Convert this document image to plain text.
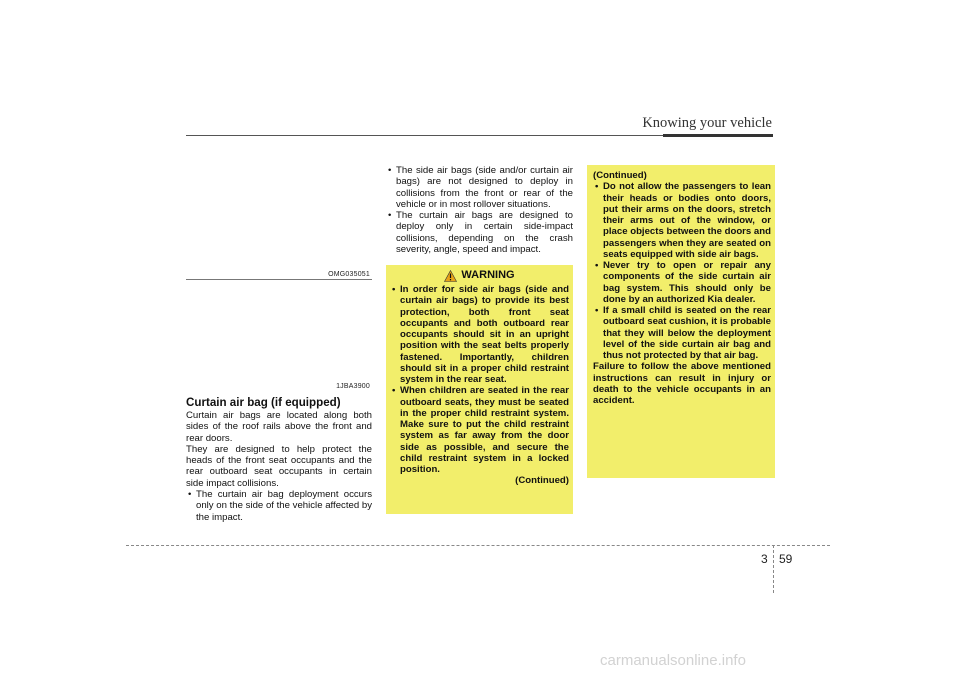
Knowing your vehicle
OMG035051
1JBA3900
Curtain air bag (if equipped)

Curtain air bags are located along both sides of the roof rails above the front and rear doors.

They are designed to help protect the heads of the front seat occupants and the rear outboard seat occupants in certain side impact collisions.

• The curtain air bag deployment occurs only on the side of the vehicle affected by the impact.
• The side air bags (side and/or curtain air bags) are not designed to deploy in collisions from the front or rear of the vehicle or in most rollover situations.
• The curtain air bags are designed to deploy only in certain side-impact collisions, depending on the crash severity, angle, speed and impact.
WARNING
• In order for side air bags (side and curtain air bags) to provide its best protection, both front seat occupants and both outboard rear occupants should sit in an upright position with the seat belts properly fastened. Importantly, children should sit in a proper child restraint system in the rear seat.
• When children are seated in the rear outboard seats, they must be seated in the proper child restraint system. Make sure to put the child restraint system as far away from the door side as possible, and secure the child restraint system in a locked position.
(Continued)
(Continued)
• Do not allow the passengers to lean their heads or bodies onto doors, put their arms on the doors, stretch their arms out of the window, or place objects between the doors and passengers when they are seated on seats equipped with side air bags.
• Never try to open or repair any components of the side curtain air bag system. This should only be done by an authorized Kia dealer.
• If a small child is seated on the rear outboard seat cushion, it is probable that they will below the deployment level of the side curtain air bag and thus not protected by that air bag.
Failure to follow the above mentioned instructions can result in injury or death to the vehicle occupants in an accident.
3 59
carmanualsonline.info
